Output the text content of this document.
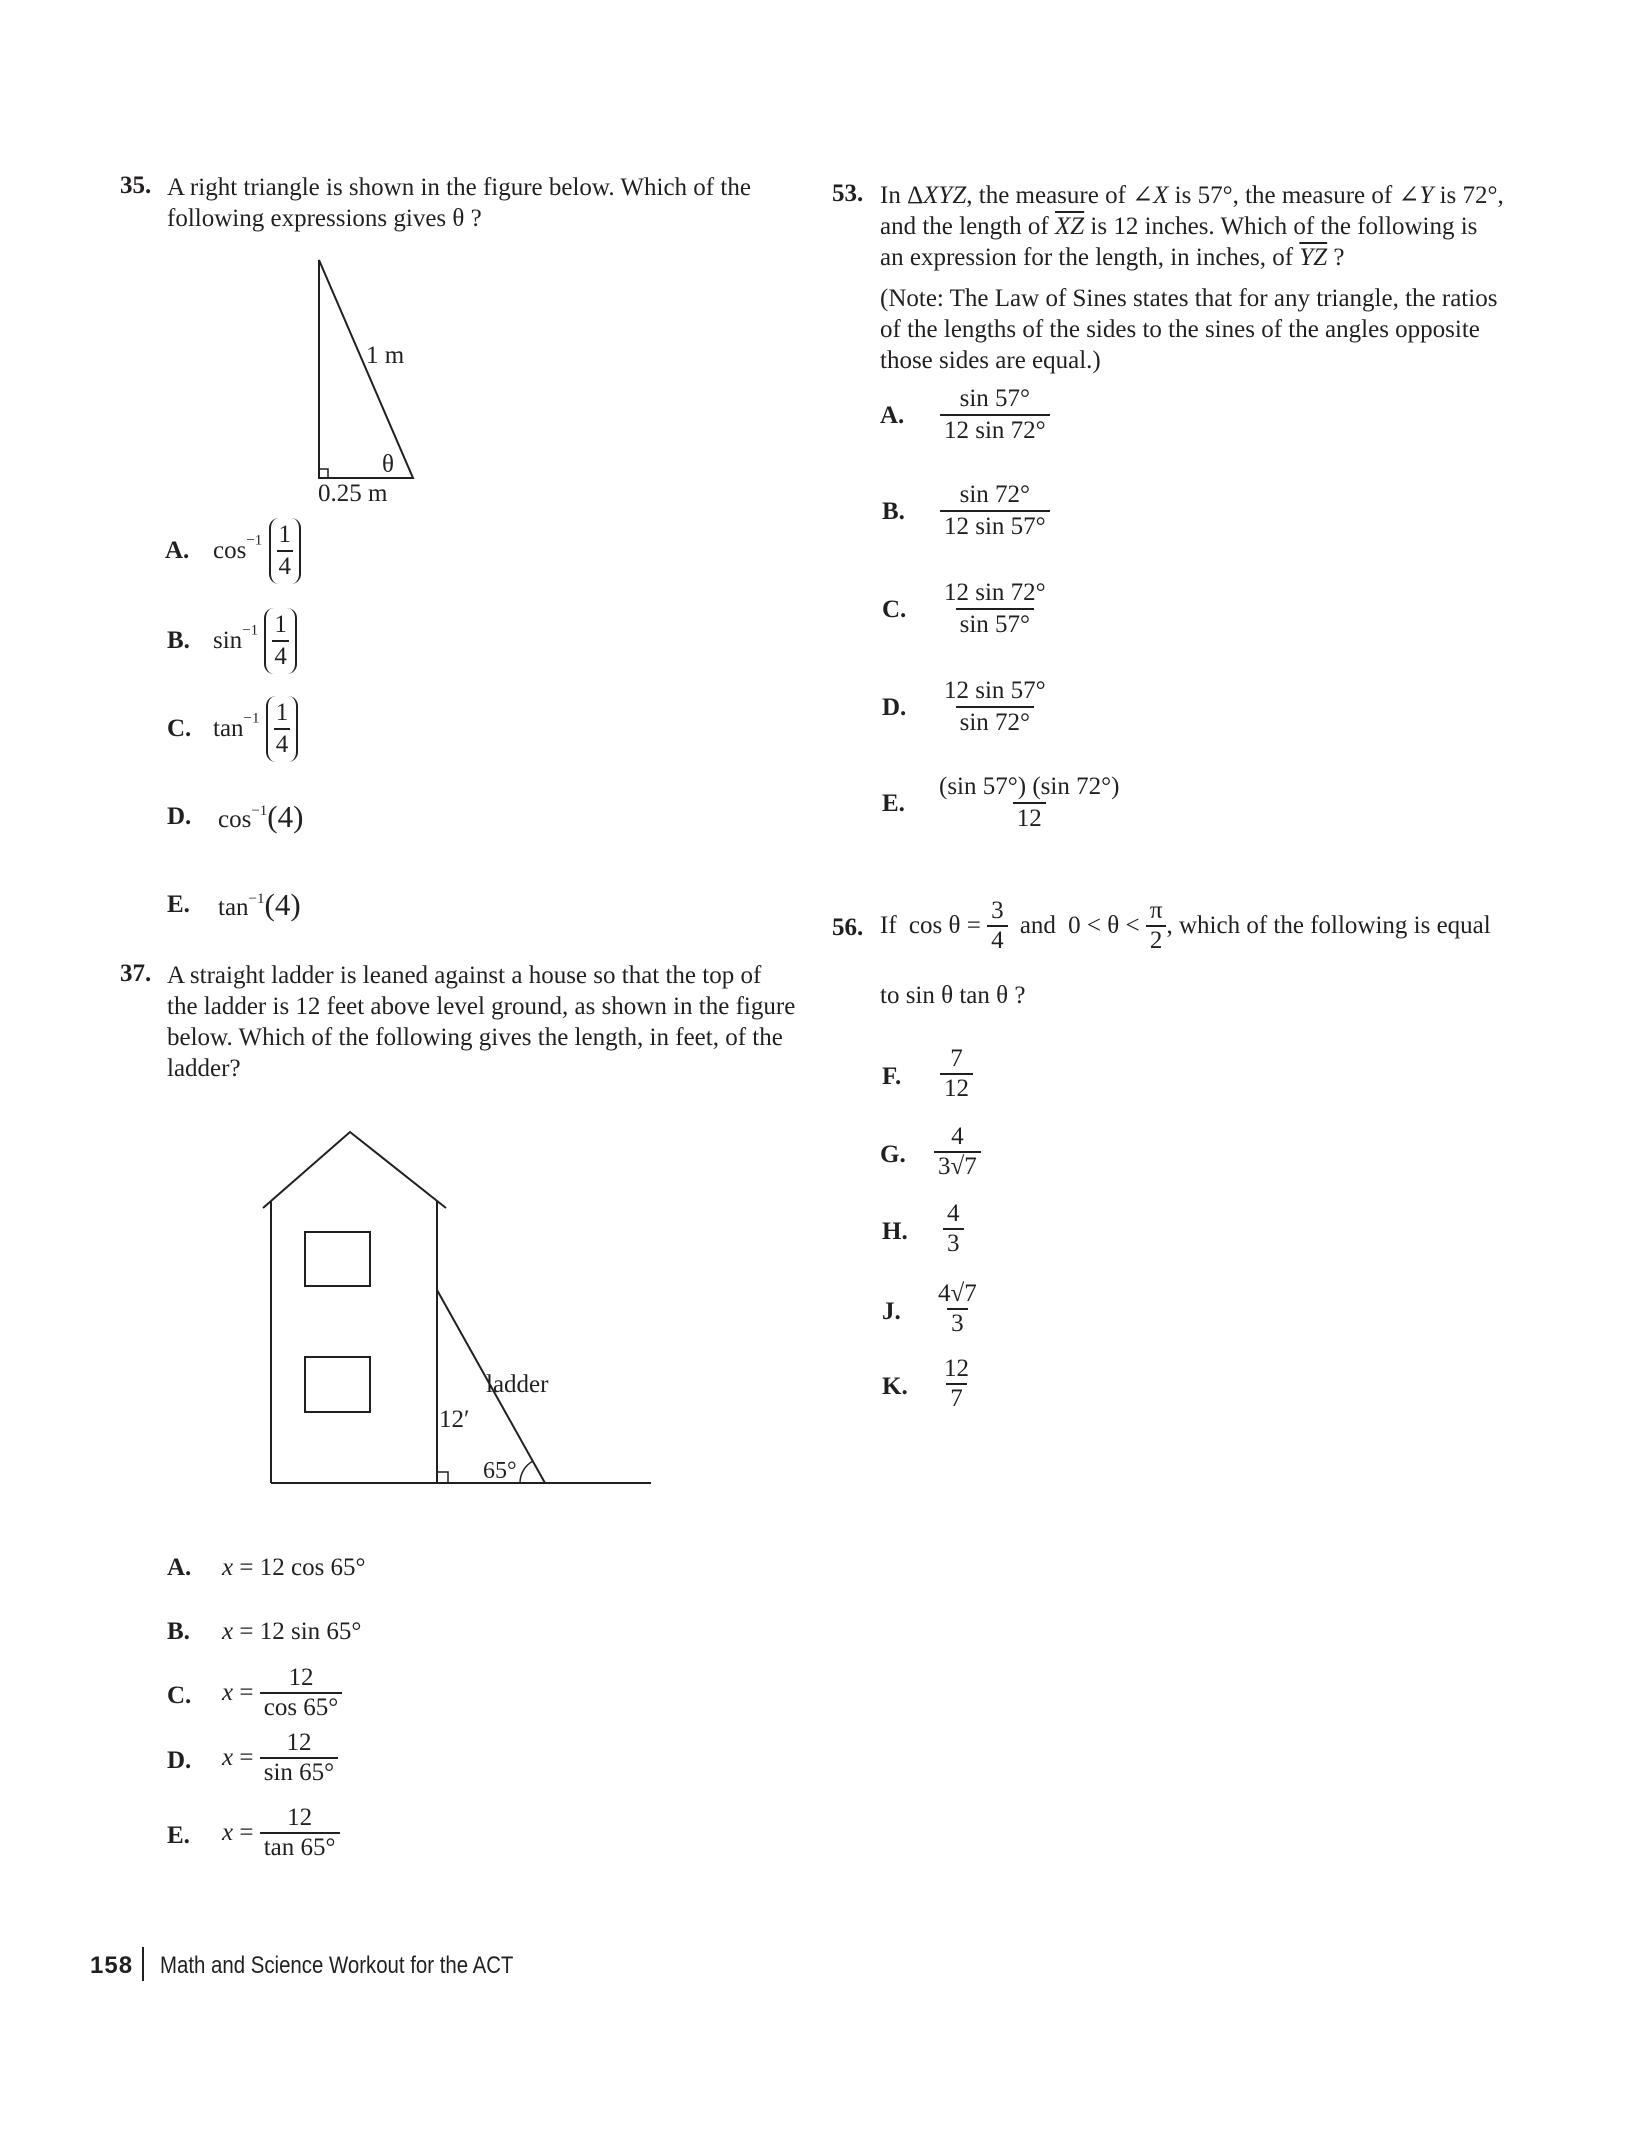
35. A right triangle is shown in the figure below. Which of the
following expressions gives θ ?
1 m
θ
0.25 m
A. $\cos^{-1} \frac{1}{4}$
B. $\sin^{-1} \frac{1}{4}$
C. $\tan^{-1} \frac{1}{4}$
D. $\cos^{-1}(4)$
E. $\tan^{-1}(4)$
37. A straight ladder is leaned against a house so that the top of
the ladder is 12 feet above level ground, as shown in the figure
below. Which of the following gives the length, in feet, of the
ladder?
ladder
12′
65°
A. x = 12 cos 65°
B. x = 12 sin 65°
C. $x = \frac{12}{\cos 65^\circ}$
D. $x = \frac{12}{\sin 65^\circ}$
E. $x = \frac{12}{\tan 65^\circ}$
53. In ΔXYZ, the measure of ∠X is 57°, the measure of ∠Y is 72°,
and the length of $\overline{XZ}$ is 12 inches. Which of the following is
an expression for the length, in inches, of $\overline{YZ}$ ?
(Note: The Law of Sines states that for any triangle, the ratios
of the lengths of the sides to the sines of the angles opposite
those sides are equal.)
A. $\frac{\sin 57^\circ}{12 \sin 72^\circ}$
B. $\frac{\sin 72^\circ}{12 \sin 57^\circ}$
C. $\frac{12 \sin 72^\circ}{\sin 57^\circ}$
D. $\frac{12 \sin 57^\circ}{\sin 72^\circ}$
E. $\frac{(\sin 57^\circ) (\sin 72^\circ)}{12}$
56. If $\cos \theta = \frac{3}{4}$ and $0 < \theta < \frac{\pi}{2}$ , which of the following is equal
to sin θ tan θ ?
F. $\frac{7}{12}$
G. $\frac{4}{3√7}$
H. $\frac{4}{3}$
J. $\frac{4√7}{3}$
K. $\frac{12}{7}$
158 Math and Science Workout for the ACT
